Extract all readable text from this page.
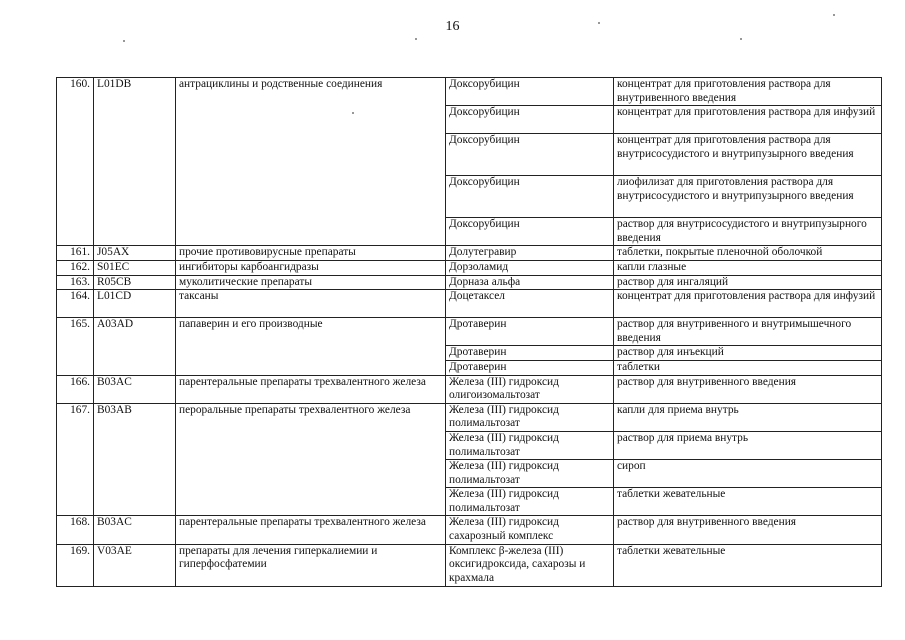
16
160.	L01DB	антрациклины и родственные соединения	Доксорубицин	концентрат для приготовления раствора для внутривенного введения
			Доксорубицин	концентрат для приготовления раствора для инфузий
			Доксорубицин	концентрат для приготовления раствора для внутрисосудистого и внутрипузырного введения
			Доксорубицин	лиофилизат для приготовления раствора для внутрисосудистого и внутрипузырного введения
			Доксорубицин	раствор для внутрисосудистого и внутрипузырного введения
161.	J05AX	прочие противовирусные препараты	Долутегравир	таблетки, покрытые пленочной оболочкой
162.	S01EC	ингибиторы карбоангидразы	Дорзоламид	капли глазные
163.	R05CB	муколитические препараты	Дорназа альфа	раствор для ингаляций
164.	L01CD	таксаны	Доцетаксел	концентрат для приготовления раствора для инфузий
165.	A03AD	папаверин и его производные	Дротаверин	раствор для внутривенного и внутримышечного введения
			Дротаверин	раствор для инъекций
			Дротаверин	таблетки
166.	B03AC	парентеральные препараты трехвалентного железа	Железа (III) гидроксид олигоизомальтозат	раствор для внутривенного введения
167.	B03AB	пероральные препараты трехвалентного железа	Железа (III) гидроксид полимальтозат	капли для приема внутрь
			Железа (III) гидроксид полимальтозат	раствор для приема внутрь
			Железа (III) гидроксид полимальтозат	сироп
			Железа (III) гидроксид полимальтозат	таблетки жевательные
168.	B03AC	парентеральные препараты трехвалентного железа	Железа (III) гидроксид сахарозный комплекс	раствор для внутривенного введения
169.	V03AE	препараты для лечения гиперкалиемии и гиперфосфатемии	Комплекс β-железа (III) оксигидроксида, сахарозы и крахмала	таблетки жевательные
